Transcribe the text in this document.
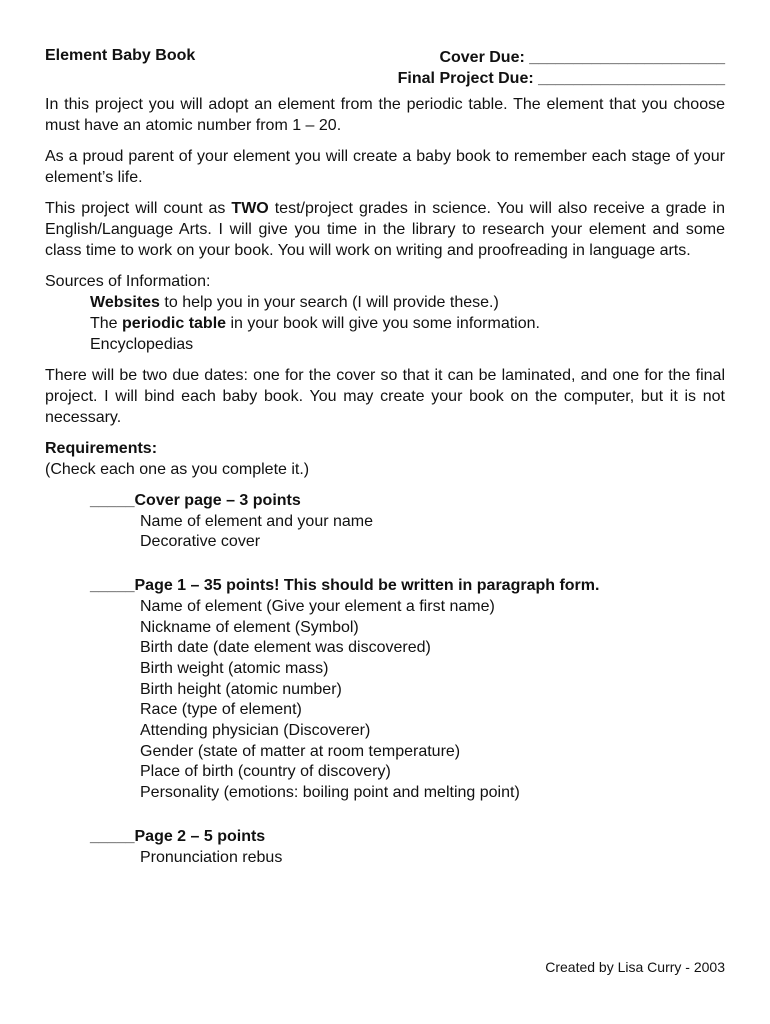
Element Baby Book	Cover Due: ______________________
Final Project Due: _____________________

In this project you will adopt an element from the periodic table. The element that you choose must have an atomic number from 1 – 20.

As a proud parent of your element you will create a baby book to remember each stage of your element’s life.

This project will count as TWO test/project grades in science. You will also receive a grade in English/Language Arts. I will give you time in the library to research your element and some class time to work on your book. You will work on writing and proofreading in language arts.

Sources of Information:
Websites to help you in your search (I will provide these.)
The periodic table in your book will give you some information.
Encyclopedias

There will be two due dates: one for the cover so that it can be laminated, and one for the final project. I will bind each baby book. You may create your book on the computer, but it is not necessary.

Requirements:
(Check each one as you complete it.)
_____Cover page – 3 points
Name of element and your name
Decorative cover
_____Page 1 – 35 points! This should be written in paragraph form.
Name of element (Give your element a first name)
Nickname of element (Symbol)
Birth date (date element was discovered)
Birth weight (atomic mass)
Birth height (atomic number)
Race (type of element)
Attending physician (Discoverer)
Gender (state of matter at room temperature)
Place of birth (country of discovery)
Personality (emotions: boiling point and melting point)
_____Page 2 – 5 points
Pronunciation rebus
Created by Lisa Curry - 2003
